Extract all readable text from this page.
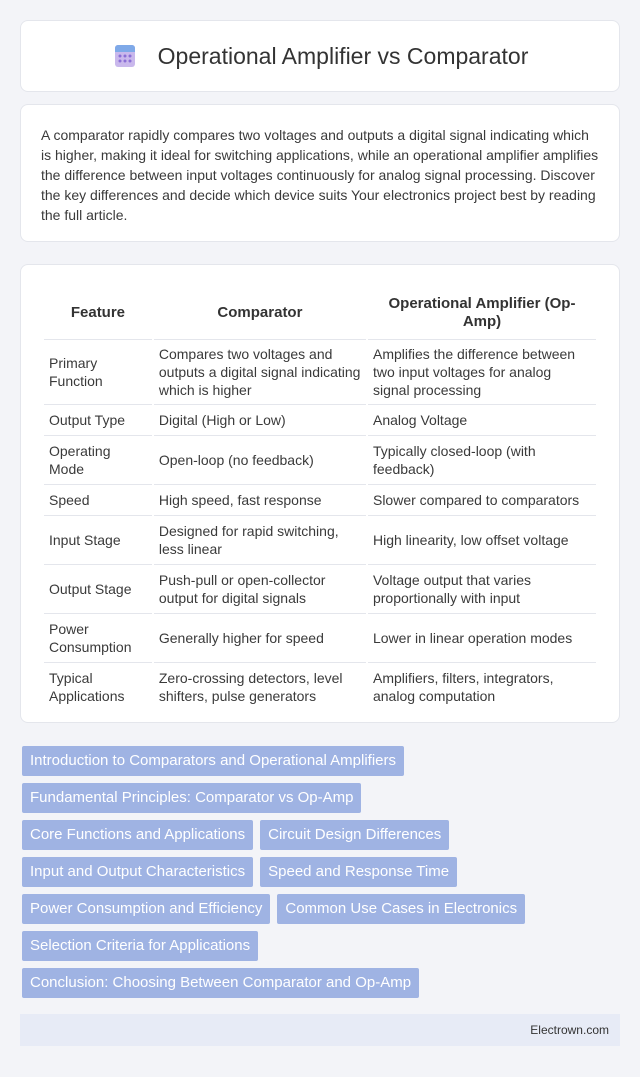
Operational Amplifier vs Comparator

A comparator rapidly compares two voltages and outputs a digital signal indicating which is higher, making it ideal for switching applications, while an operational amplifier amplifies the difference between input voltages continuously for analog signal processing. Discover the key differences and decide which device suits Your electronics project best by reading the full article.

Feature	Comparator	Operational Amplifier (Op-Amp)
Primary Function	Compares two voltages and outputs a digital signal indicating which is higher	Amplifies the difference between two input voltages for analog signal processing
Output Type	Digital (High or Low)	Analog Voltage
Operating Mode	Open-loop (no feedback)	Typically closed-loop (with feedback)
Speed	High speed, fast response	Slower compared to comparators
Input Stage	Designed for rapid switching, less linear	High linearity, low offset voltage
Output Stage	Push-pull or open-collector output for digital signals	Voltage output that varies proportionally with input
Power Consumption	Generally higher for speed	Lower in linear operation modes
Typical Applications	Zero-crossing detectors, level shifters, pulse generators	Amplifiers, filters, integrators, analog computation
Introduction to Comparators and Operational Amplifiers
Fundamental Principles: Comparator vs Op-Amp
Core Functions and Applications	Circuit Design Differences
Input and Output Characteristics	Speed and Response Time
Power Consumption and Efficiency	Common Use Cases in Electronics
Selection Criteria for Applications
Conclusion: Choosing Between Comparator and Op-Amp
Electrown.com
